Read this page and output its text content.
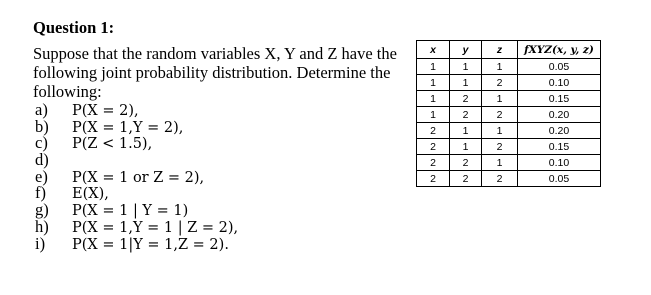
Question 1:

Suppose that the random variables X, Y and Z have the following joint probability distribution. Determine the following:

a) P(X = 2),
b) P(X = 1,Y = 2),
c) P(Z < 1.5),
d)
e) P(X = 1 or Z = 2),
f) E(X),
g) P(X = 1 | Y = 1)
h) P(X = 1,Y = 1 | Z = 2),
i) P(X = 1|Y = 1,Z = 2).
x	y	z	fXYZ(x, y, z)
1	1	1	0.05
1	1	2	0.10
1	2	1	0.15
1	2	2	0.20
2	1	1	0.20
2	1	2	0.15
2	2	1	0.10
2	2	2	0.05
